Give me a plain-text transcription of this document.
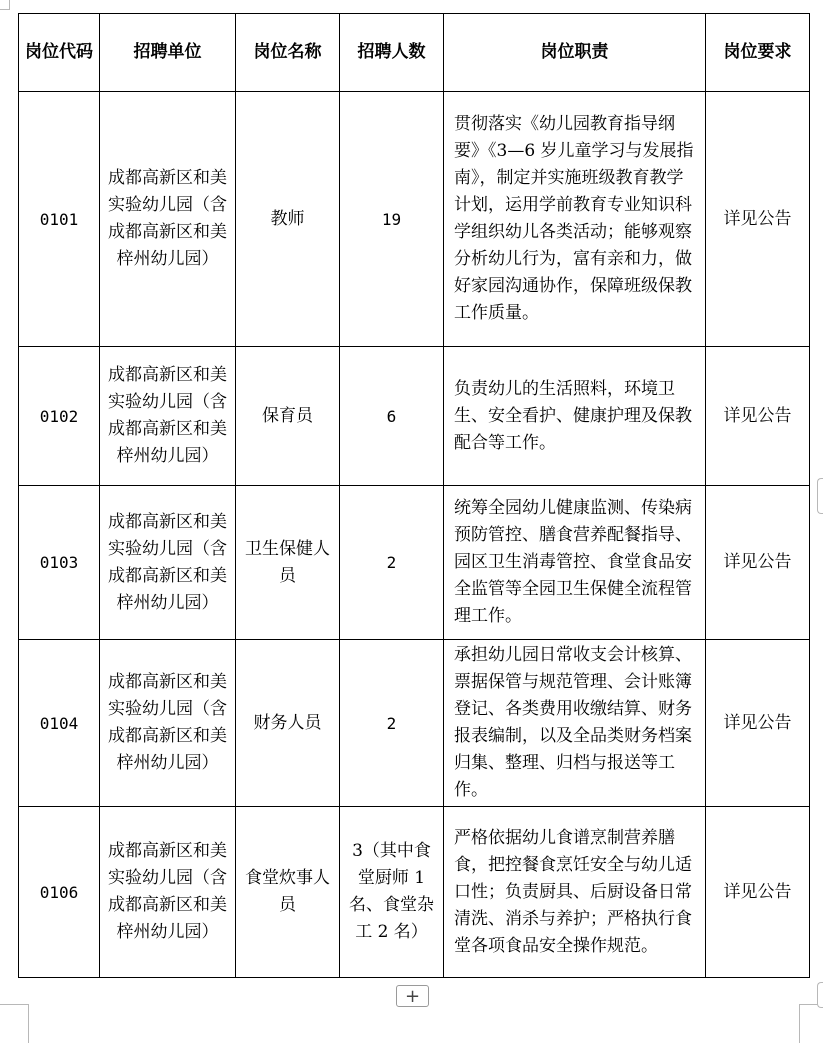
岗位代码	招聘单位	岗位名称	招聘人数	岗位职责	岗位要求
0101	成都高新区和美实验幼儿园（含成都高新区和美梓州幼儿园）	教师	19	贯彻落实《幼儿园教育指导纲要》《3—6 岁儿童学习与发展指南》，制定并实施班级教育教学计划，运用学前教育专业知识科学组织幼儿各类活动；能够观察分析幼儿行为，富有亲和力，做好家园沟通协作，保障班级保教工作质量。	详见公告
0102	成都高新区和美实验幼儿园（含成都高新区和美梓州幼儿园）	保育员	6	负责幼儿的生活照料，环境卫生、安全看护、健康护理及保教配合等工作。	详见公告
0103	成都高新区和美实验幼儿园（含成都高新区和美梓州幼儿园）	卫生保健人员	2	统筹全园幼儿健康监测、传染病预防管控、膳食营养配餐指导、园区卫生消毒管控、食堂食品安全监管等全园卫生保健全流程管理工作。	详见公告
0104	成都高新区和美实验幼儿园（含成都高新区和美梓州幼儿园）	财务人员	2	承担幼儿园日常收支会计核算、票据保管与规范管理、会计账簿登记、各类费用收缴结算、财务报表编制，以及全品类财务档案归集、整理、归档与报送等工作。	详见公告
0106	成都高新区和美实验幼儿园（含成都高新区和美梓州幼儿园）	食堂炊事人员	3（其中食堂厨师 1 名、食堂杂工 2 名）	严格依据幼儿食谱烹制营养膳食，把控餐食烹饪安全与幼儿适口性；负责厨具、后厨设备日常清洗、消杀与养护；严格执行食堂各项食品安全操作规范。	详见公告
+
